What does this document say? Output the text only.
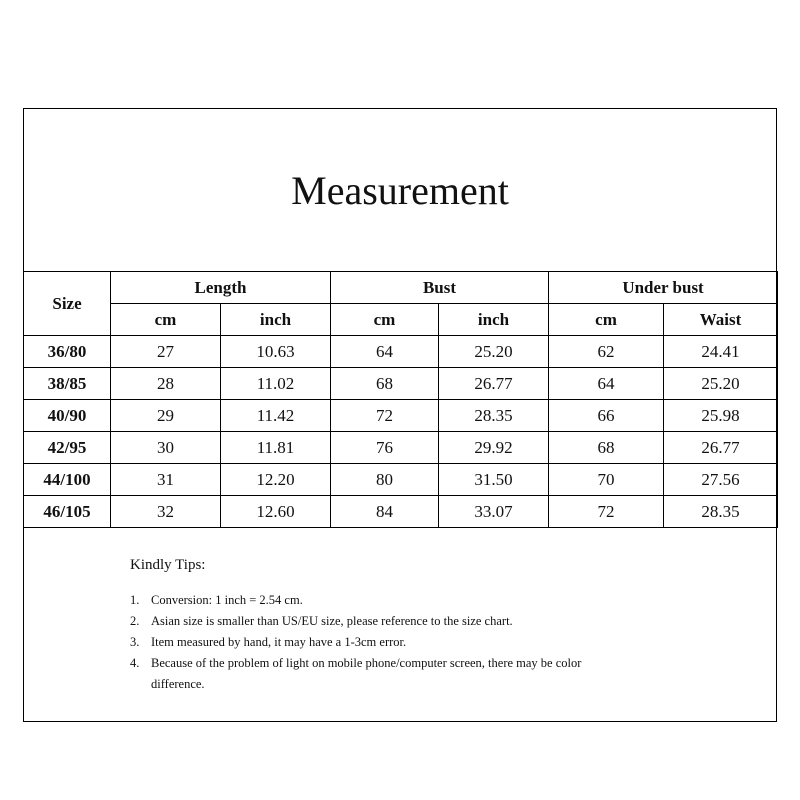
Measurement
Size	Length		Bust		Under bust	
	cm	inch	cm	inch	cm	Waist
36/80	27	10.63	64	25.20	62	24.41
38/85	28	11.02	68	26.77	64	25.20
40/90	29	11.42	72	28.35	66	25.98
42/95	30	11.81	76	29.92	68	26.77
44/100	31	12.20	80	31.50	70	27.56
46/105	32	12.60	84	33.07	72	28.35
Kindly Tips:
1. Conversion: 1 inch = 2.54 cm.
2. Asian size is smaller than US/EU size, please reference to the size chart.
3. Item measured by hand, it may have a 1-3cm error.
4. Because of the problem of light on mobile phone/computer screen, there may be color difference.
